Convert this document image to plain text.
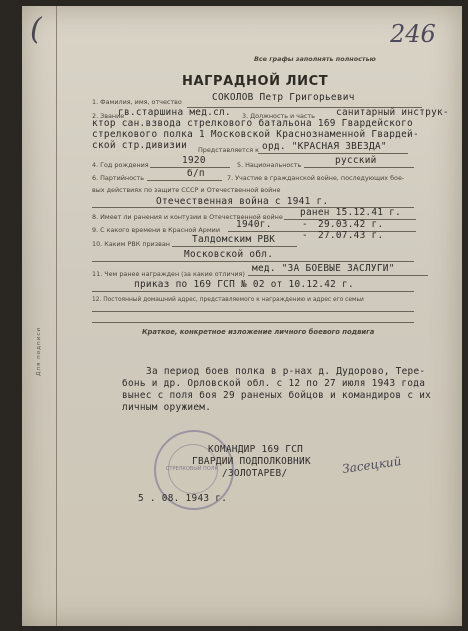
(
Для подписи
Все графы заполнять полностью
246
НАГРАДНОЙ ЛИСТ
1. Фамилия, имя, отчество	СОКОЛОВ Петр Григорьевич
2. Звание
гв.старшина мед.сл. 3. Должность и часть санитарный инструк-
ктор сан.взвода стрелкового батальона 169 Гвардейского
стрелкового полка 1 Московской Краснознаменной Гвардей-
ской стр.дивизии Представляется к орд. "КРАСНАЯ ЗВЕЗДА"
4. Год рождения	1920	5. Национальность	русский
6. Партийность	б/п	7. Участие в гражданской войне, последующих бое-
вых действиях по защите СССР и Отечественной войне
Отечественная война с 1941 г.
8. Имеет ли ранения и контузии в Отечественной войне ранен 15.12.41 г.
9. С какого времени в Красной Армии 1940г.	- 29.03.42 г.
- 27.07.43 г.
10. Каким РВК призван Талдомским РВК
Московской обл.
11. Чем ранее награжден (за какие отличия) мед. "ЗА БОЕВЫЕ ЗАСЛУГИ"
приказ по 169 ГСП № 02 от 10.12.42 г.
12. Постоянный домашний адрес, представляемого к награждению и адрес его семьи
Краткое, конкретное изложение личного боевого подвига
За период боев полка в р-нах д. Дудорово, Тере-
бонь и др. Орловской обл. с 12 по 27 июля 1943 года
вынес с поля боя 29 раненых бойцов и командиров с их
личным оружием.
СТРЕЛКОВЫЙ ПОЛК
КОМАНДИР 169 ГСП
ГВАРДИИ ПОДПОЛКОВНИК
/ЗОЛОТАРЕВ/	Засецкий
5 . 08. 1943 г.
